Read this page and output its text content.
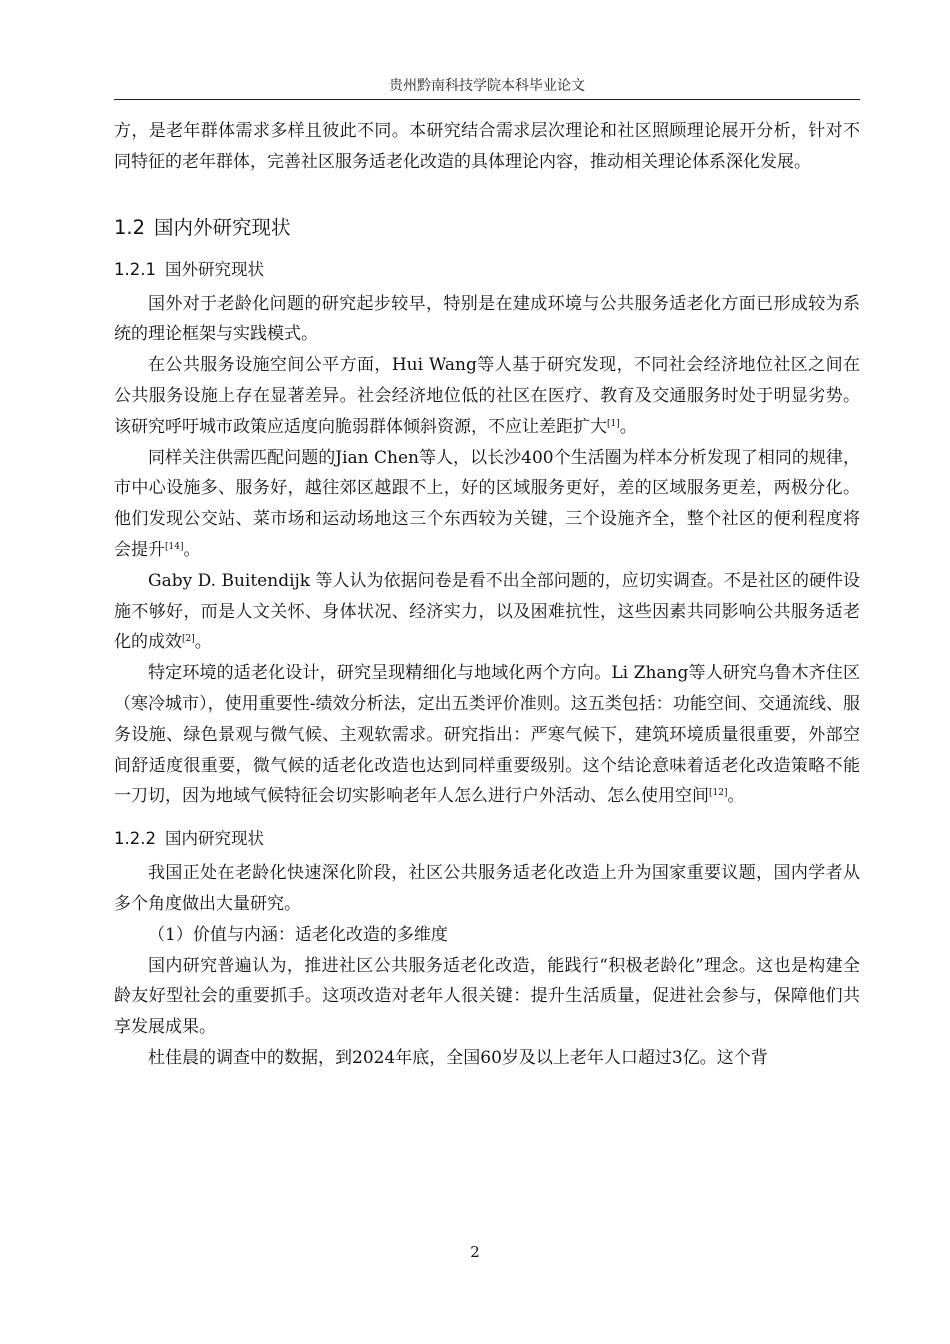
贵州黔南科技学院本科毕业论文

方，是老年群体需求多样且彼此不同。本研究结合需求层次理论和社区照顾理论展开分析，针对不同特征的老年群体，完善社区服务适老化改造的具体理论内容，推动相关理论体系深化发展。

1.2 国内外研究现状
1.2.1 国外研究现状

国外对于老龄化问题的研究起步较早，特别是在建成环境与公共服务适老化方面已形成较为系统的理论框架与实践模式。

在公共服务设施空间公平方面，Hui Wang等人基于研究发现，不同社会经济地位社区之间在公共服务设施上存在显著差异。社会经济地位低的社区在医疗、教育及交通服务时处于明显劣势。该研究呼吁城市政策应适度向脆弱群体倾斜资源，不应让差距扩大[1]。

同样关注供需匹配问题的Jian Chen等人，以长沙400个生活圈为样本分析发现了相同的规律，市中心设施多、服务好，越往郊区越跟不上，好的区域服务更好，差的区域服务更差，两极分化。他们发现公交站、菜市场和运动场地这三个东西较为关键，三个设施齐全，整个社区的便利程度将会提升[14]。

Gaby D. Buitendijk 等人认为依据问卷是看不出全部问题的，应切实调查。不是社区的硬件设施不够好，而是人文关怀、身体状况、经济实力，以及困难抗性，这些因素共同影响公共服务适老化的成效[2]。

特定环境的适老化设计，研究呈现精细化与地域化两个方向。Li Zhang等人研究乌鲁木齐住区（寒冷城市），使用重要性-绩效分析法，定出五类评价准则。这五类包括：功能空间、交通流线、服务设施、绿色景观与微气候、主观软需求。研究指出：严寒气候下，建筑环境质量很重要，外部空间舒适度很重要，微气候的适老化改造也达到同样重要级别。这个结论意味着适老化改造策略不能一刀切，因为地域气候特征会切实影响老年人怎么进行户外活动、怎么使用空间[12]。

1.2.2 国内研究现状

我国正处在老龄化快速深化阶段，社区公共服务适老化改造上升为国家重要议题，国内学者从多个角度做出大量研究。

（1）价值与内涵：适老化改造的多维度

国内研究普遍认为，推进社区公共服务适老化改造，能践行“积极老龄化”理念。这也是构建全龄友好型社会的重要抓手。这项改造对老年人很关键：提升生活质量，促进社会参与，保障他们共享发展成果。

杜佳晨的调查中的数据，到2024年底，全国60岁及以上老年人口超过3亿。这个背

2
